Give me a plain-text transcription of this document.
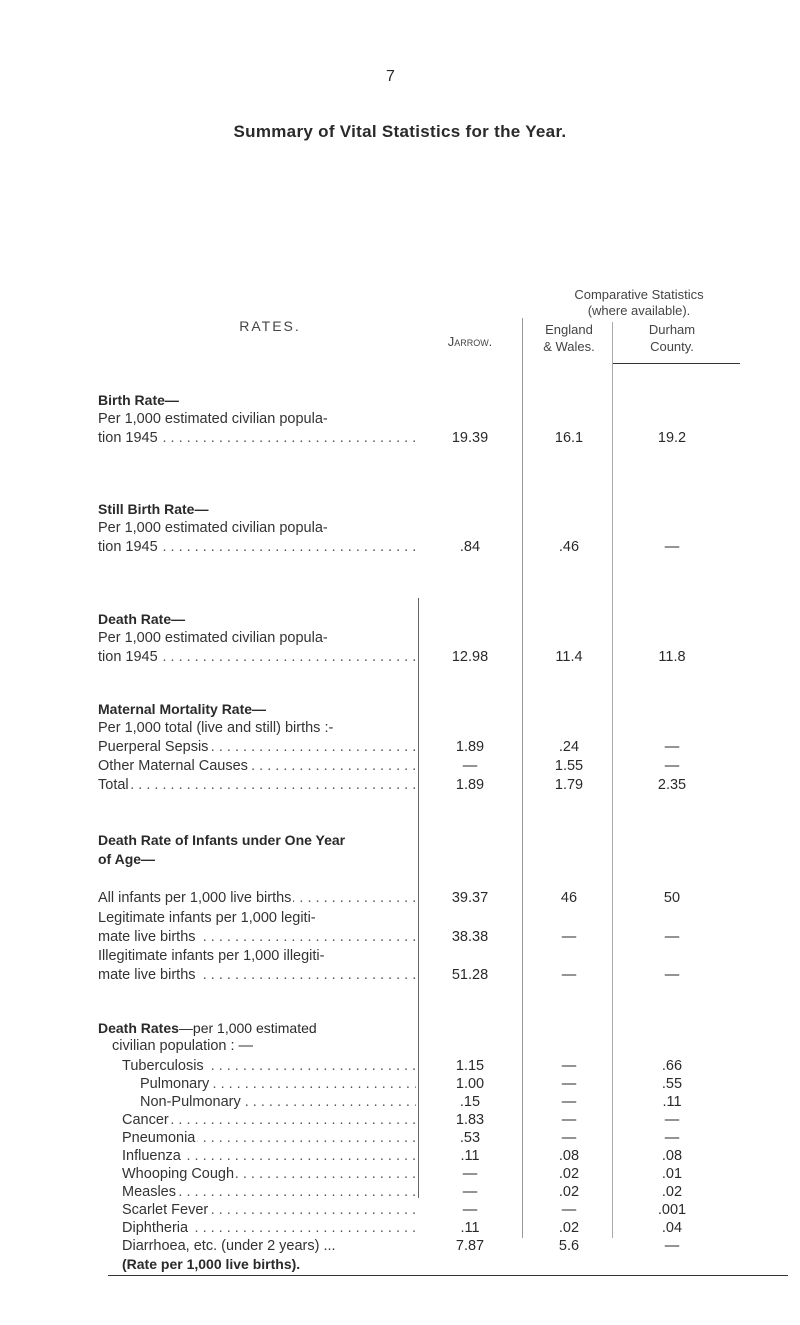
7
Summary of Vital Statistics for the Year.
RATES.
Jarrow.
Comparative Statistics
(where available).
England
& Wales.
Durham
County.
Birth Rate—
Per 1,000 estimated civilian popula-
tion 1945 . . .	19.39	16.1	19.2
Still Birth Rate—
Per 1,000 estimated civilian popula-
tion 1945 . . .	.84	.46	—
Death Rate—
Per 1,000 estimated civilian popula-
tion 1945 . . .	12.98	11.4	11.8
Maternal Mortality Rate—
Per 1,000 total (live and still) births :-
Puerperal Sepsis . . .	1.89	.24	—
Other Maternal Causes . . .	—	1.55	—
Total . . .	1.89	1.79	2.35
Death Rate of Infants under One Year
of Age—
All infants per 1,000 live births . . .	39.37	46	50
Legitimate infants per 1,000 legiti-
mate live births . . .	38.38	—	—
Illegitimate infants per 1,000 illegiti-
mate live births . . .	51.28	—	—
Death Rates—per 1,000 estimated
civilian population : —
Tuberculosis . . .	1.15	—	.66
Pulmonary . . .	1.00	—	.55
Non-Pulmonary . . .	.15	—	.11
Cancer . . .	1.83	—	—
Pneumonia . . .	.53	—	—
Influenza . . .	.11	.08	.08
Whooping Cough . . .	—	.02	.01
Measles . . .	—	.02	.02
Scarlet Fever . . .	—	—	.001
Diphtheria . . .	.11	.02	.04
Diarrhoea, etc. (under 2 years) ...	7.87	5.6	—
(Rate per 1,000 live births).
